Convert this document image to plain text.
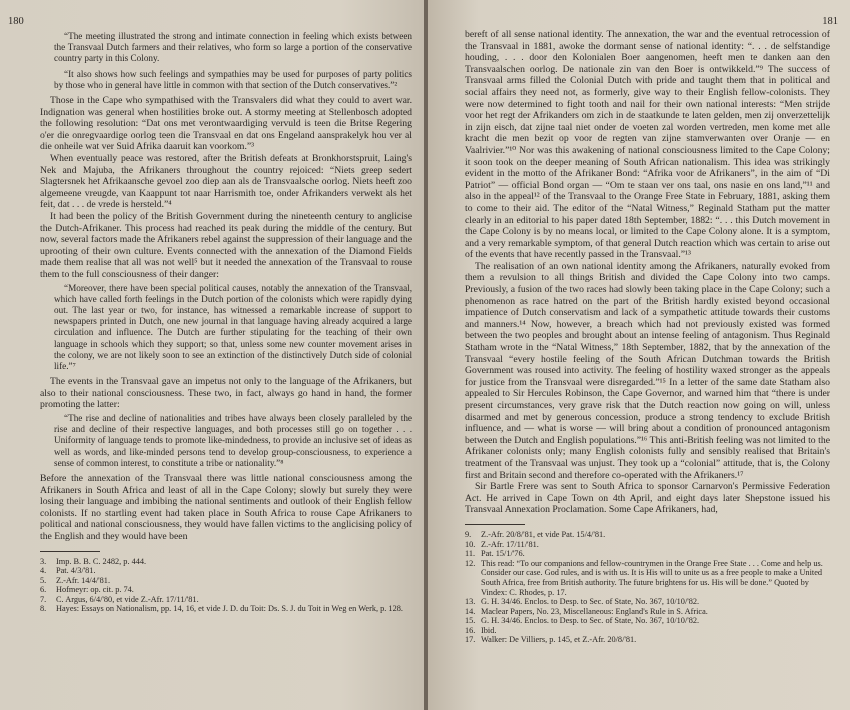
180

“The meeting illustrated the strong and intimate connection in feeling which exists between the Transvaal Dutch farmers and their relatives, who form so large a portion of the conservative country party in this Colony.

“It also shows how such feelings and sympathies may be used for purposes of party politics by those who in general have little in common with that section of the Dutch conservatives.”²

Those in the Cape who sympathised with the Transvalers did what they could to avert war. Indignation was general when hostilities broke out. A stormy meeting at Stellenbosch adopted the following resolution: “Dat ons met verontwaardiging vervuld is teen die Britse Regering o'er die onregvaardige oorlog teen die Transvaal en dat ons Engeland aansprakelyk hou ver al die onheile wat ver Suid Afrika daaruit kan voorkom.”³

When eventually peace was restored, after the British defeats at Bronkhorstspruit, Laing's Nek and Majuba, the Afrikaners throughout the country rejoiced: “Niets greep sedert Slagtersnek het Afrikaansche gevoel zoo diep aan als de Transvaalsche oorlog. Niets heeft zoo algemeene vreugde, van Kaappunt tot naar Harrismith toe, onder Afrikanders verwekt als het feit, dat . . . de vrede is hersteld.”⁴

It had been the policy of the British Government during the nineteenth century to anglicise the Dutch-Afrikaner. This process had reached its peak during the middle of the century. But now, several factors made the Afrikaners rebel against the suppression of their language and the uprooting of their own culture. Events connected with the annexation of the Diamond Fields made them realise that all was not well⁵ but it needed the annexation of the Transvaal to rouse them to the full consciousness of their danger:

“Moreover, there have been special political causes, notably the annexation of the Transvaal, which have called forth feelings in the Dutch portion of the colonists which were rapidly dying out. The last year or two, for instance, has witnessed a remarkable increase of support to newspapers printed in Dutch, one new journal in that language having already acquired a large circulation and influence. The Dutch are further stipulating for the teaching of their own language in schools which they support; so that, unless some new counter movement arises in the colony, we are not likely soon to see an extinction of the distinctively Dutch side of colonial life.”⁷

The events in the Transvaal gave an impetus not only to the language of the Afrikaners, but also to their national consciousness. These two, in fact, always go hand in hand, the former promoting the latter:

“The rise and decline of nationalities and tribes have always been closely paralleled by the rise and decline of their respective languages, and both processes still go on together . . . Uniformity of language tends to promote like-mindedness, to provide an inclusive set of ideas as well as words, and like-minded persons tend to develop group-consciousness, to experience a sense of common interest, to constitute a tribe or nationality.”⁸

Before the annexation of the Transvaal there was little national consciousness among the Afrikaners in South Africa and least of all in the Cape Colony; slowly but surely they were losing their language and imbibing the national sentiments and outlook of their English fellow colonists. If no startling event had taken place in South Africa to rouse Cape Afrikaners to political and national consciousness, they would have fallen victims to the anglicising policy of the English and they would have been

3.	Imp. B. B. C. 2482, p. 444.
4.	Pat. 4/3/'81.
5.	Z.-Afr. 14/4/'81.
6.	Hofmeyr: op. cit. p. 74.
7.	C. Argus, 6/4/'80, et vide Z.-Afr. 17/11/'81.
8.	Hayes: Essays on Nationalism, pp. 14, 16, et vide J. D. du Toit: Ds. S. J. du Toit in Weg en Werk, p. 128.
181

bereft of all sense national identity. The annexation, the war and the eventual retrocession of the Transvaal in 1881, awoke the dormant sense of national identity: “. . . de selfstandige houding, . . . door den Kolonialen Boer aangenomen, heeft men te danken aan den Transvaalschen oorlog. De nationale zin van den Boer is ontwikkeld.”⁹ The success of Transvaal arms filled the Colonial Dutch with pride and taught them that in political and social affairs they need not, as formerly, give way to their English fellow-colonists. They were now determined to fight tooth and nail for their own national interests: “Men strijde voor het regt der Afrikanders om zich in de staatkunde te laten gelden, men zij onverzettelijk in zijn eisch, dat zijne taal niet onder de voeten zal worden vertreden, men kome met alle kracht die men bezit op voor de regten van zijne stamverwanten over Oranje — en Vaalrivier.”¹⁰ Nor was this awakening of national consciousness limited to the Cape Colony; it soon took on the deeper meaning of South African nationalism. This idea was strikingly evident in the motto of the Afrikaner Bond: “Afrika voor de Afrikaners”, in the aim of “Di Patriot” — official Bond organ — “Om te staan ver ons taal, ons nasie en ons land,”¹¹ and also in the appeal¹² of the Transvaal to the Orange Free State in February, 1881, asking them to come to their aid. The editor of the “Natal Witness,” Reginald Statham put the matter clearly in an editorial to his paper dated 18th September, 1882: “. . . this Dutch movement in the Cape Colony is by no means local, or limited to the Cape Colony alone. It is a symptom, and a very remarkable symptom, of that general Dutch reaction which was certain to arise out of the events that have recently passed in the Transvaal.”¹³

The realisation of an own national identity among the Afrikaners, naturally evoked from them a revulsion to all things British and divided the Cape Colony into two camps. Previously, a fusion of the two races had slowly been taking place in the Cape Colony; such a phenomenon as race hatred on the part of the British hardly existed beyond occasional impatience of Dutch conservatism and lack of a sympathetic attitude towards their customs and manners.¹⁴ Now, however, a breach which had not previously existed was formed between the two peoples and brought about an intense feeling of antagonism. Thus Reginald Statham wrote in the “Natal Witness,” 18th September, 1882, that by the annexation of the Transvaal “every hostile feeling of the South African Dutchman towards the British Government was roused into activity. The feeling of hostility waxed stronger as the appeals for justice from the Transvaal were disregarded.”¹⁵ In a letter of the same date Statham also appealed to Sir Hercules Robinson, the Cape Governor, and warned him that “there is under present circumstances, very grave risk that the Dutch reaction now going on will, unless disarmed and met by generous concession, produce a strong tendency to exclude British influence, and — what is worse — will bring about a condition of pronounced antagonism between the Dutch and English populations.”¹⁶ This anti-British feeling was not limited to the Afrikaner colonists only; many English colonists fully and sensibly realised that Britain's treatment of the Transvaal was unjust. They took up a “colonial” attitude, that is, the Colony first and Britain second and therefore co-operated with the Afrikaners.¹⁷

Sir Bartle Frere was sent to South Africa to sponsor Carnarvon's Permissive Federation Act. He arrived in Cape Town on 4th April, and eight days later Shepstone issued his Transvaal Annexation Proclamation. Some Cape Afrikaners, had,

9.	Z.-Afr. 20/8/'81, et vide Pat. 15/4/'81.
10. Z.-Afr. 17/11/'81.
11. Pat. 15/1/'76.
12. This read: “To our companions and fellow-countrymen in the Orange Free State . . . Come and help us. Consider our case. God rules, and is with us. It is His will to unite us as a free people to make a United South Africa, free from British authority. The future brightens for us. His will be done.” Quoted by Vindex: C. Rhodes, p. 17.
13. G. H. 34/46. Enclos. to Desp. to Sec. of State, No. 367, 10/10/'82.
14. Maclear Papers, No. 23, Miscellaneous: England's Rule in S. Africa.
15. G. H. 34/46. Enclos. to Desp. to Sec. of State, No. 367, 10/10/'82.
16. Ibid.
17. Walker: De Villiers, p. 145, et Z.-Afr. 20/8/'81.
